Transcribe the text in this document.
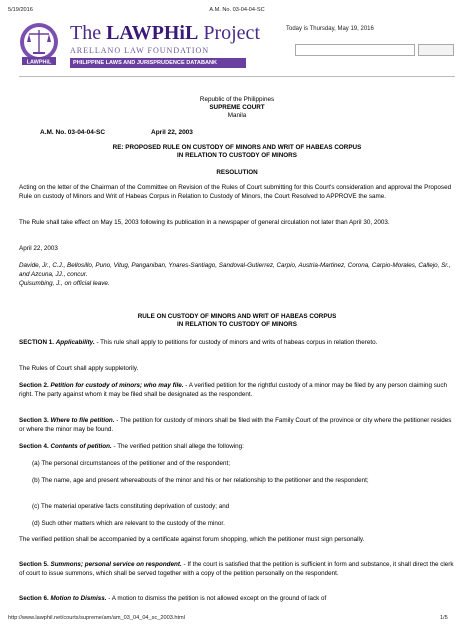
5/19/2016	A.M. No. 03-04-04-SC
LAWPHiL
The LAWPHiL Project
ARELLANO LAW FOUNDATION
PHILIPPINE LAWS AND JURISPRUDENCE DATABANK
Today is Thursday, May 19, 2016
Republic of the Philippines
SUPREME COURT
Manila
A.M. No. 03-04-04-SC	April 22, 2003
RE: PROPOSED RULE ON CUSTODY OF MINORS AND WRIT OF HABEAS CORPUS
IN RELATION TO CUSTODY OF MINORS
RESOLUTION
Acting on the letter of the Chairman of the Committee on Revision of the Rules of Court submitting for this Court's consideration and approval the Proposed Rule on custody of Minors and Writ of Habeas Corpus in Relation to Custody of Minors, the Court Resolved to APPROVE the same.
The Rule shall take effect on May 15, 2003 following its publication in a newspaper of general circulation not later than April 30, 2003.
April 22, 2003
Davide, Jr., C.J., Bellosillo, Puno, Vitug, Panganiban, Ynares-Santiago, Sandoval-Gutierrez, Carpio, Austria-Martinez, Corona, Carpio-Morales, Callejo, Sr., and Azcuna, JJ., concur.
Quisumbing, J., on official leave.
RULE ON CUSTODY OF MINORS AND WRIT OF HABEAS CORPUS
IN RELATION TO CUSTODY OF MINORS
SECTION 1. Applicability. - This rule shall apply to petitions for custody of minors and writs of habeas corpus in relation thereto.
The Rules of Court shall apply suppletorily.
Section 2. Petition for custody of minors; who may file. - A verified petition for the rightful custody of a minor may be filed by any person claiming such right. The party against whom it may be filed shall be designated as the respondent.
Section 3. Where to file petition. - The petition for custody of minors shall be filed with the Family Court of the province or city where the petitioner resides or where the minor may be found.
Section 4. Contents of petition. - The verified petition shall allege the following:
(a) The personal circumstances of the petitioner and of the respondent;
(b) The name, age and present whereabouts of the minor and his or her relationship to the petitioner and the respondent;
(c) The material operative facts constituting deprivation of custody; and
(d) Such other matters which are relevant to the custody of the minor.
The verified petition shall be accompanied by a certificate against forum shopping, which the petitioner must sign personally.
Section 5. Summons; personal service on respondent. - If the court is satisfied that the petition is sufficient in form and substance, it shall direct the clerk of court to issue summons, which shall be served together with a copy of the petition personally on the respondent.
Section 6. Motion to Dismiss. - A motion to dismiss the petition is not allowed except on the ground of lack of
http://www.lawphil.net/courts/supreme/am/am_03_04_04_sc_2003.html	1/5
